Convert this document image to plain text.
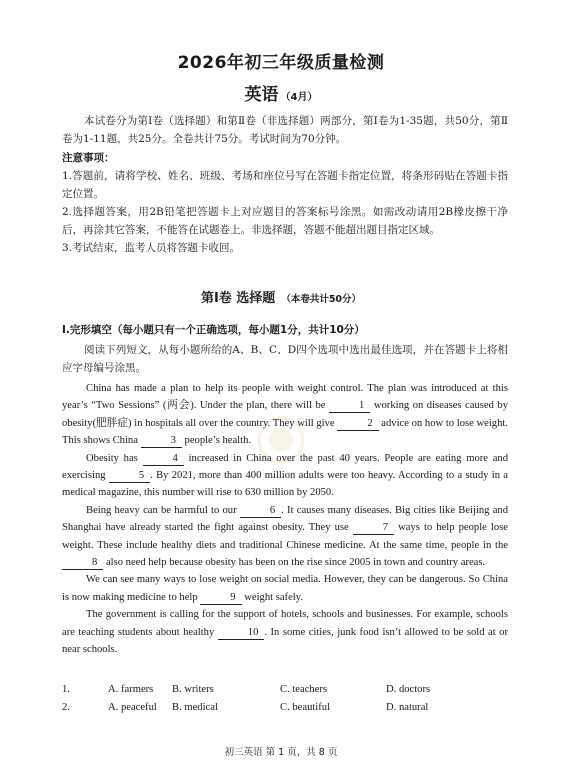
2026年初三年级质量检测
英语 （4月）
本试卷分为第Ⅰ卷（选择题）和第Ⅱ卷（非选择题）两部分，第Ⅰ卷为1-35题，共50分，第Ⅱ卷为1-11题，共25分。全卷共计75分。考试时间为70分钟。
注意事项：

1.答题前，请将学校、姓名、班级、考场和座位号写在答题卡指定位置，将条形码贴在答题卡指定位置。

2.选择题答案，用2B铅笔把答题卡上对应题目的答案标号涂黑。如需改动请用2B橡皮擦干净后，再涂其它答案，不能答在试题卷上。非选择题，答题不能超出题目指定区域。

3.考试结束，监考人员将答题卡收回。

第Ⅰ卷 选择题 （本卷共计50分）
Ⅰ.完形填空（每小题只有一个正确选项，每小题1分，共计10分）
阅读下列短文，从每小题所给的A、B、C、D四个选项中选出最佳选项，并在答题卡上将相应字母编号涂黑。

China has made a plan to help its people with weight control. The plan was introduced at this year’s “Two Sessions” (两会). Under the plan, there will be	1 working on diseases caused by obesity(肥胖症) in hospitals all over the country. They will give	2 advice on how to lose weight. This shows China	3 people’s health.

Obesity has	4 increased in China over the past 40 years. People are eating more and exercising	5 . By 2021, more than 400 million adults were too heavy. According to a study in a medical magazine, this number will rise to 630 million by 2050.

Being heavy can be harmful to our	6 . It causes many diseases. Big cities like Beijing and Shanghai have already started the fight against obesity. They use	7 ways to help people lose weight. These include healthy diets and traditional Chinese medicine. At the same time, people in the 8 also need help because obesity has been on the rise since 2005 in town and country areas.

We can see many ways to lose weight on social media. However, they can be dangerous. So China is now making medicine to help	9 weight safely.

The government is calling for the support of hotels, schools and businesses. For example, schools are teaching students about healthy	10 . In some cities, junk food isn’t allowed to be sold at or near schools.

1.	A. farmers	B. writers	C. teachers	D. doctors
2.	A. peaceful	B. medical	C. beautiful	D. natural
初三英语 第 1 页，共 8 页
